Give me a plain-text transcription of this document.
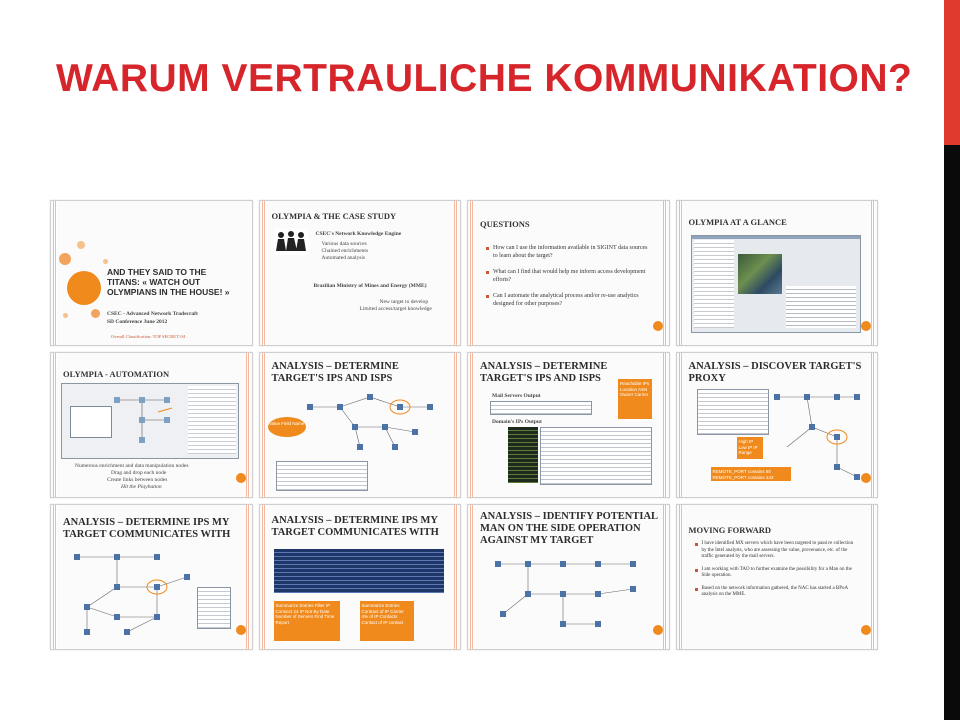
WARUM VERTRAULICHE KOMMUNIKATION?
AND THEY SAID TO THE TITANS: « WATCH OUT OLYMPIANS IN THE HOUSE! »
CSEC - Advanced Network Tradecraft
SD Conference June 2012
Overall Classification: TOP SECRET//SI
OLYMPIA & THE CASE STUDY
CSEC's Network Knowledge Engine
Various data sources
Chained enrichments
Automated analysis
Brazilian Ministry of Mines and Energy (MME)
New target to develop
Limited access/target knowledge
QUESTIONS
How can I use the information available in SIGINT data sources to learn about the target?
What can I find that would help me inform access development efforts?
Can I automate the analytical process and/or re-use analytics designed for other purposes?
OLYMPIA AT A GLANCE
OLYMPIA - AUTOMATION
Numerous enrichment and data manipulation nodes
Drag and drop each node
Create links between nodes
Hit the Playbutton
ANALYSIS – DETERMINE TARGET'S IPS AND ISPS
Value Field Name
ANALYSIS – DETERMINE TARGET'S IPS AND ISPS
Mail Servers Output
Domain's IPs Output
Reachable IPs Location ASN Owner Carrier
ANALYSIS – DISCOVER TARGET'S PROXY
High IP Low IP IP Range
REMOTE_PORT contains 80 REMOTE_PORT contains 443
ANALYSIS – DETERMINE IPS MY TARGET COMMUNICATES WITH
ANALYSIS – DETERMINE IPS MY TARGET COMMUNICATES WITH
Summarize Entries Filter IP Connect 24 IP Not By Date Number of Servers Find Time Report
Summarize Entries Contract of IP Carrier 4% of IP Contacts Contact of IP contact
ANALYSIS – IDENTIFY POTENTIAL MAN ON THE SIDE OPERATION AGAINST MY TARGET
MOVING FORWARD
I have identified MX servers which have been targeted to passive collection by the Intel analysts, who are assessing the value, provenance, etc. of the traffic generated by the mail servers.
I am working with TAO to further examine the possibility for a Man on the Side operation.
Based on the network information gathered, the NAC has started a BPoA analysis on the MME.
